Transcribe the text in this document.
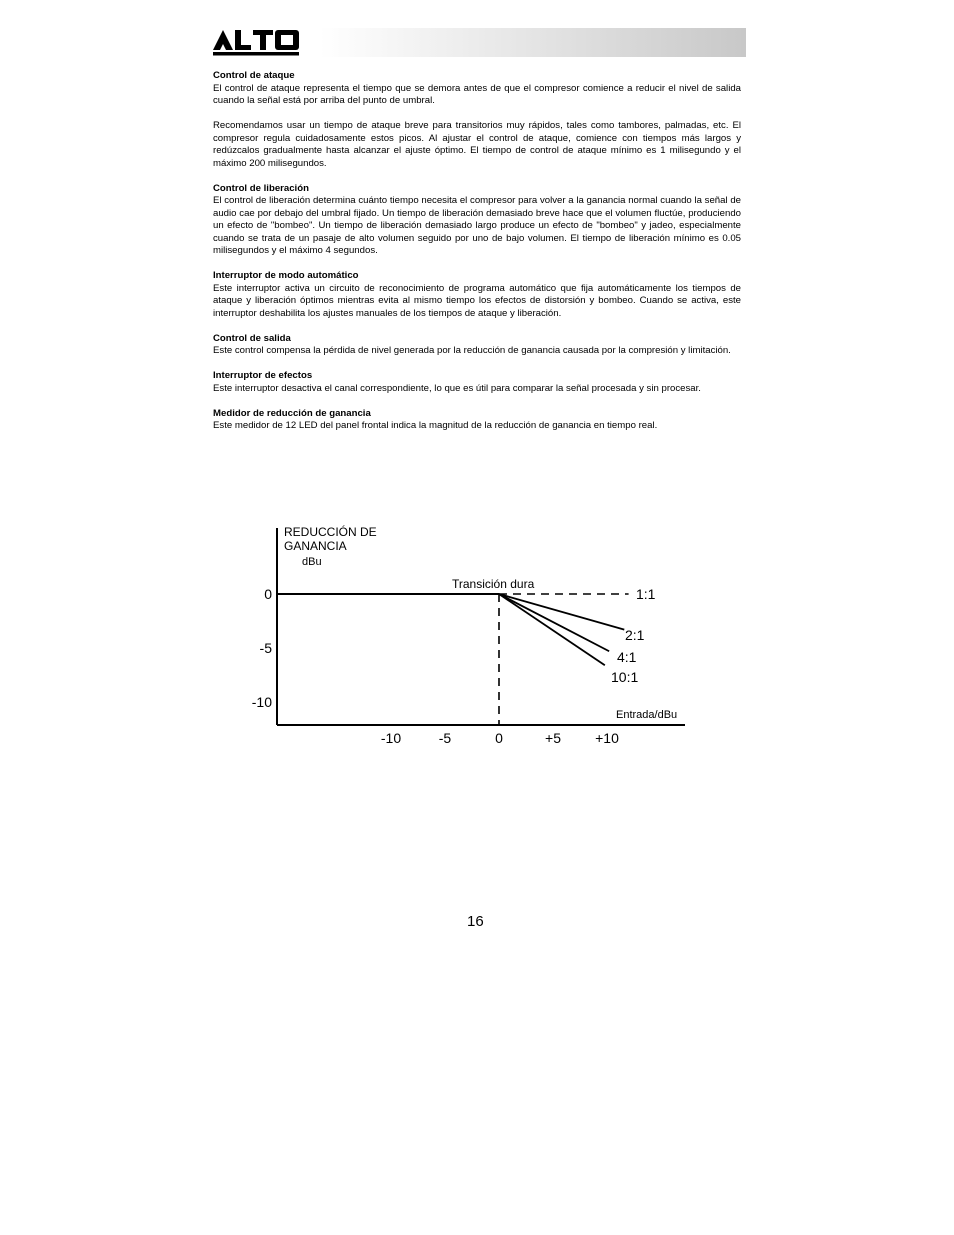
Control de ataque

El control de ataque representa el tiempo que se demora antes de que el compresor comience a reducir el nivel de salida cuando la señal está por arriba del punto de umbral.

Recomendamos usar un tiempo de ataque breve para transitorios muy rápidos, tales como tambores, palmadas, etc. El compresor regula cuidadosamente estos picos. Al ajustar el control de ataque, comience con tiempos más largos y redúzcalos gradualmente hasta alcanzar el ajuste óptimo. El tiempo de control de ataque mínimo es 1 milisegundo y el máximo 200 milisegundos.

Control de liberación

El control de liberación determina cuánto tiempo necesita el compresor para volver a la ganancia normal cuando la señal de audio cae por debajo del umbral fijado. Un tiempo de liberación demasiado breve hace que el volumen fluctúe, produciendo un efecto de "bombeo". Un tiempo de liberación demasiado largo produce un efecto de "bombeo" y jadeo, especialmente cuando se trata de un pasaje de alto volumen seguido por uno de bajo volumen. El tiempo de liberación mínimo es 0.05 milisegundos y el máximo 4 segundos.

Interruptor de modo automático

Este interruptor activa un circuito de reconocimiento de programa automático que fija automáticamente los tiempos de ataque y liberación óptimos mientras evita al mismo tiempo los efectos de distorsión y bombeo. Cuando se activa, este interruptor deshabilita los ajustes manuales de los tiempos de ataque y liberación.

Control de salida

Este control compensa la pérdida de nivel generada por la reducción de ganancia causada por la compresión y limitación.

Interruptor de efectos

Este interruptor desactiva el canal correspondiente, lo que es útil para comparar la señal procesada y sin procesar.

Medidor de reducción de ganancia

Este medidor de 12 LED del panel frontal indica la magnitud de la reducción de ganancia en tiempo real.

REDUCCIÓN DE
GANANCIA
dBu
Entrada/dBu
Transición dura
0
-5
-10
-10	-5	0	+5 +10
1:1
2:1
4:1
10:1
16
